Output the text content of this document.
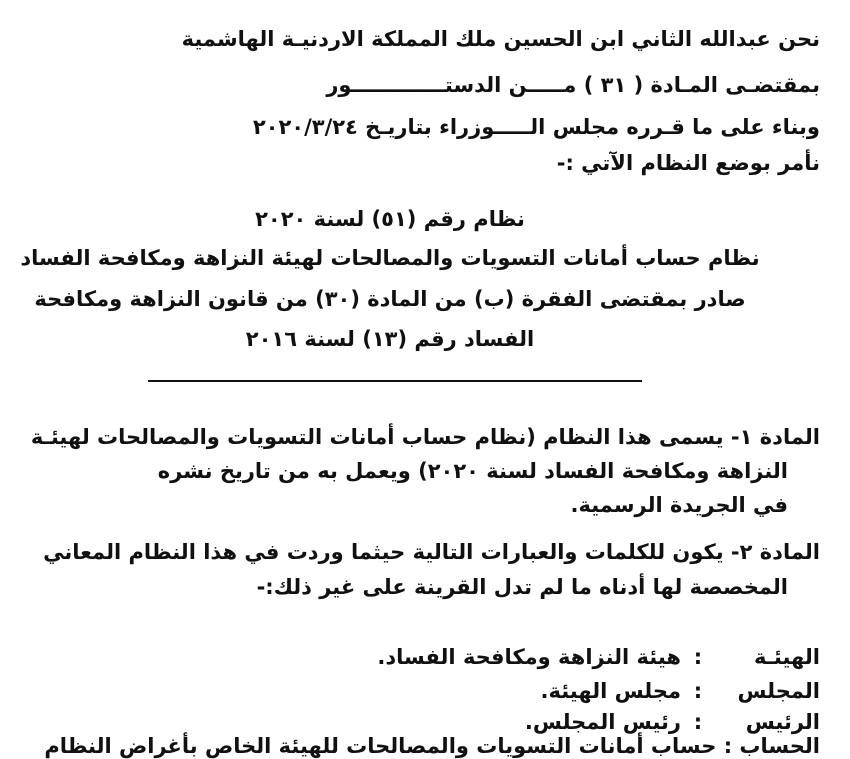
نحن عبدالله الثاني ابن الحسين ملك المملكة الاردنيـة الهاشمية
بمقتضـى المـادة ( ٣١ ) مـــــن الدستـــــــــــــور
وبناء على ما قـرره مجلس الـــــوزراء بتاريـخ ٢٠٢٠/٣/٢٤
نأمر بوضع النظام الآتي :-
نظام رقم (٥١) لسنة ٢٠٢٠
نظام حساب أمانات التسويات والمصالحات لهيئة النزاهة ومكافحة الفساد
صادر بمقتضى الفقرة (ب) من المادة (٣٠) من قانون النزاهة ومكافحة
الفساد رقم (١٣) لسنة ٢٠١٦
المادة ١- يسمى هذا النظام (نظام حساب أمانات التسويات والمصالحات لهيئـة
النزاهة ومكافحة الفساد لسنة ٢٠٢٠) ويعمل به من تاريخ نشره
في الجريدة الرسمية.
المادة ٢- يكون للكلمات والعبارات التالية حيثما وردت في هذا النظام المعاني
المخصصة لها أدناه ما لم تدل القرينة على غير ذلك:-
الهيئـة:هيئة النزاهة ومكافحة الفساد.
المجلس:مجلس الهيئة.
الرئيس:رئيس المجلس.
الحساب : حساب أمانات التسويات والمصالحات للهيئة الخاص بأغراض النظام
